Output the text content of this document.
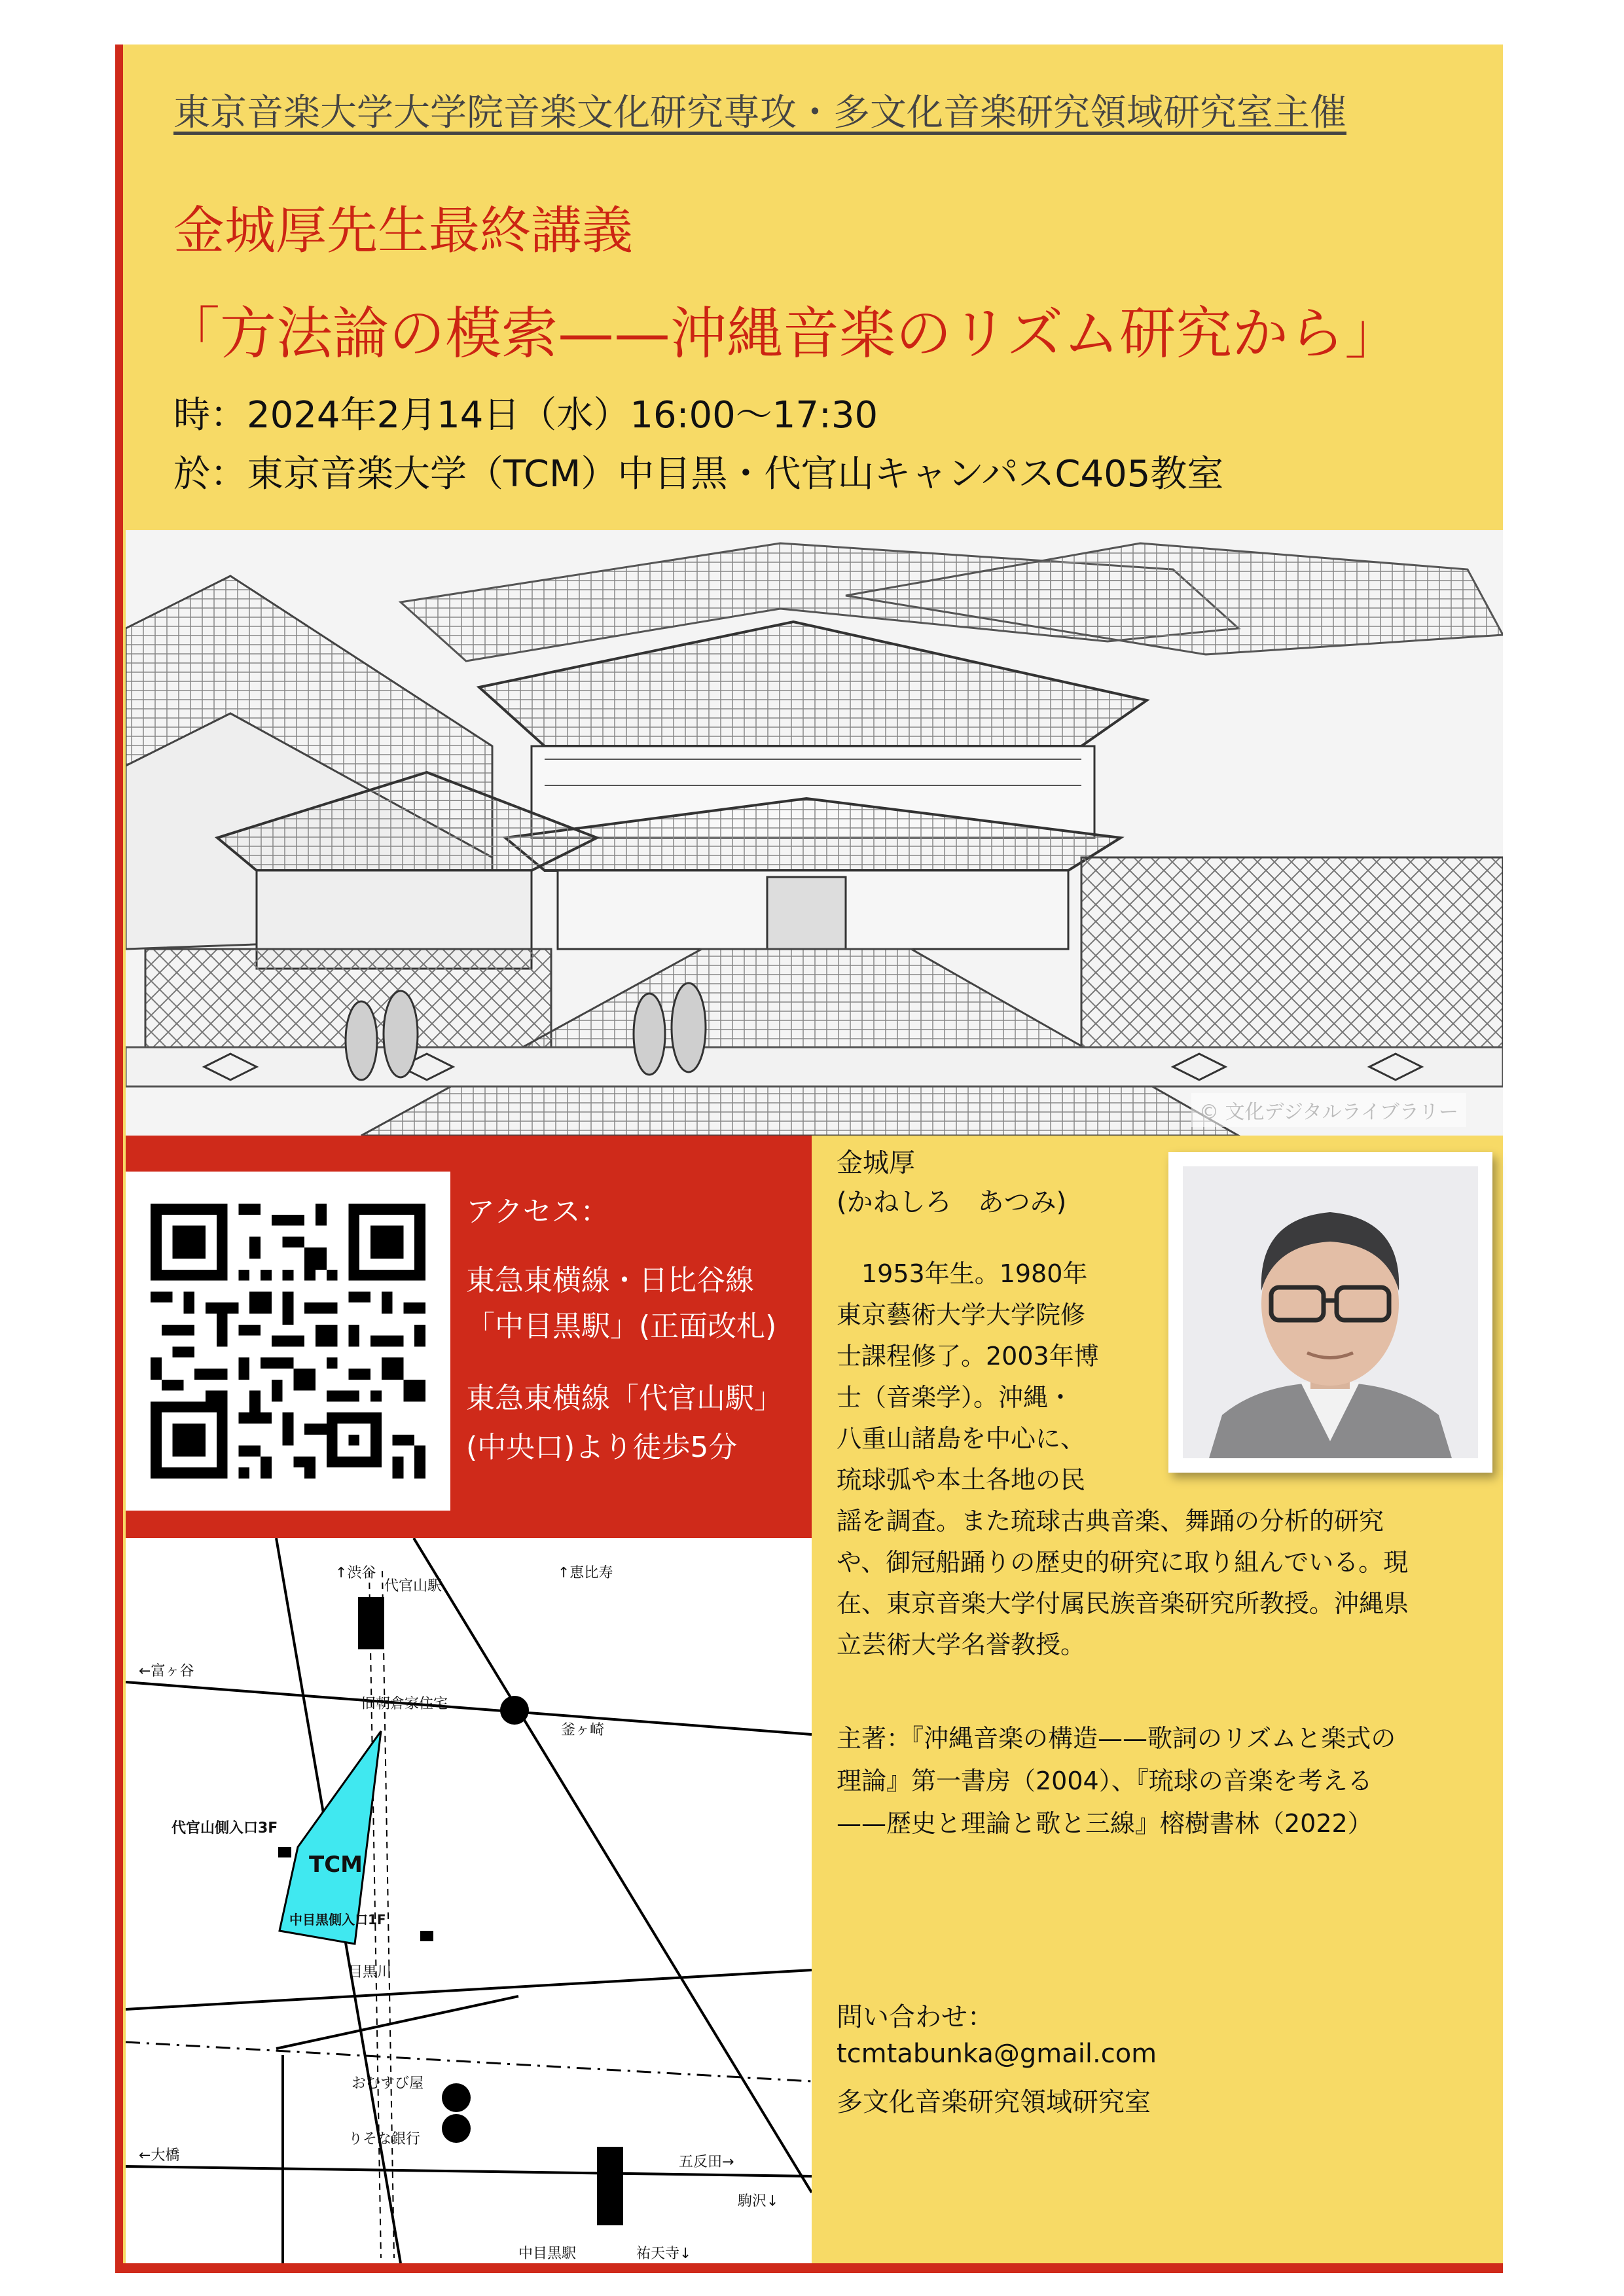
東京音楽大学大学院音楽文化研究専攻・多文化音楽研究領域研究室主催
金城厚先生最終講義
「方法論の模索——沖縄音楽のリズム研究から」
時：2024年2月14日（水）16:00〜17:30
於：東京音楽大学（TCM）中目黒・代官山キャンパスC405教室
© 文化デジタルライブラリー
アクセス：
東急東横線・日比谷線
「中目黒駅」(正面改札)
東急東横線「代官山駅」
(中央口)より徒歩5分
↑渋谷
代官山駅
↑恵比寿
←富ヶ谷
旧朝倉家住宅
釜ヶ崎
代官山側入口3F
TCM
中目黒側入口1F
目黒川
おむすび屋
五反田→
←大橋
りそな銀行
中目黒駅	祐天寺↓
駒沢↓
金城厚
(かねしろ　あつみ)
　1953年生。1980年
東京藝術大学大学院修
士課程修了。2003年博
士（音楽学）。沖縄・
八重山諸島を中心に、
琉球弧や本土各地の民
謡を調査。また琉球古典音楽、舞踊の分析的研究
や、御冠船踊りの歴史的研究に取り組んでいる。現
在、東京音楽大学付属民族音楽研究所教授。沖縄県
立芸術大学名誉教授。
主著：『沖縄音楽の構造——歌詞のリズムと楽式の
理論』第一書房（2004）、『琉球の音楽を考える
——歴史と理論と歌と三線』榕樹書林（2022）
問い合わせ：
tcmtabunka@gmail.com
多文化音楽研究領域研究室
